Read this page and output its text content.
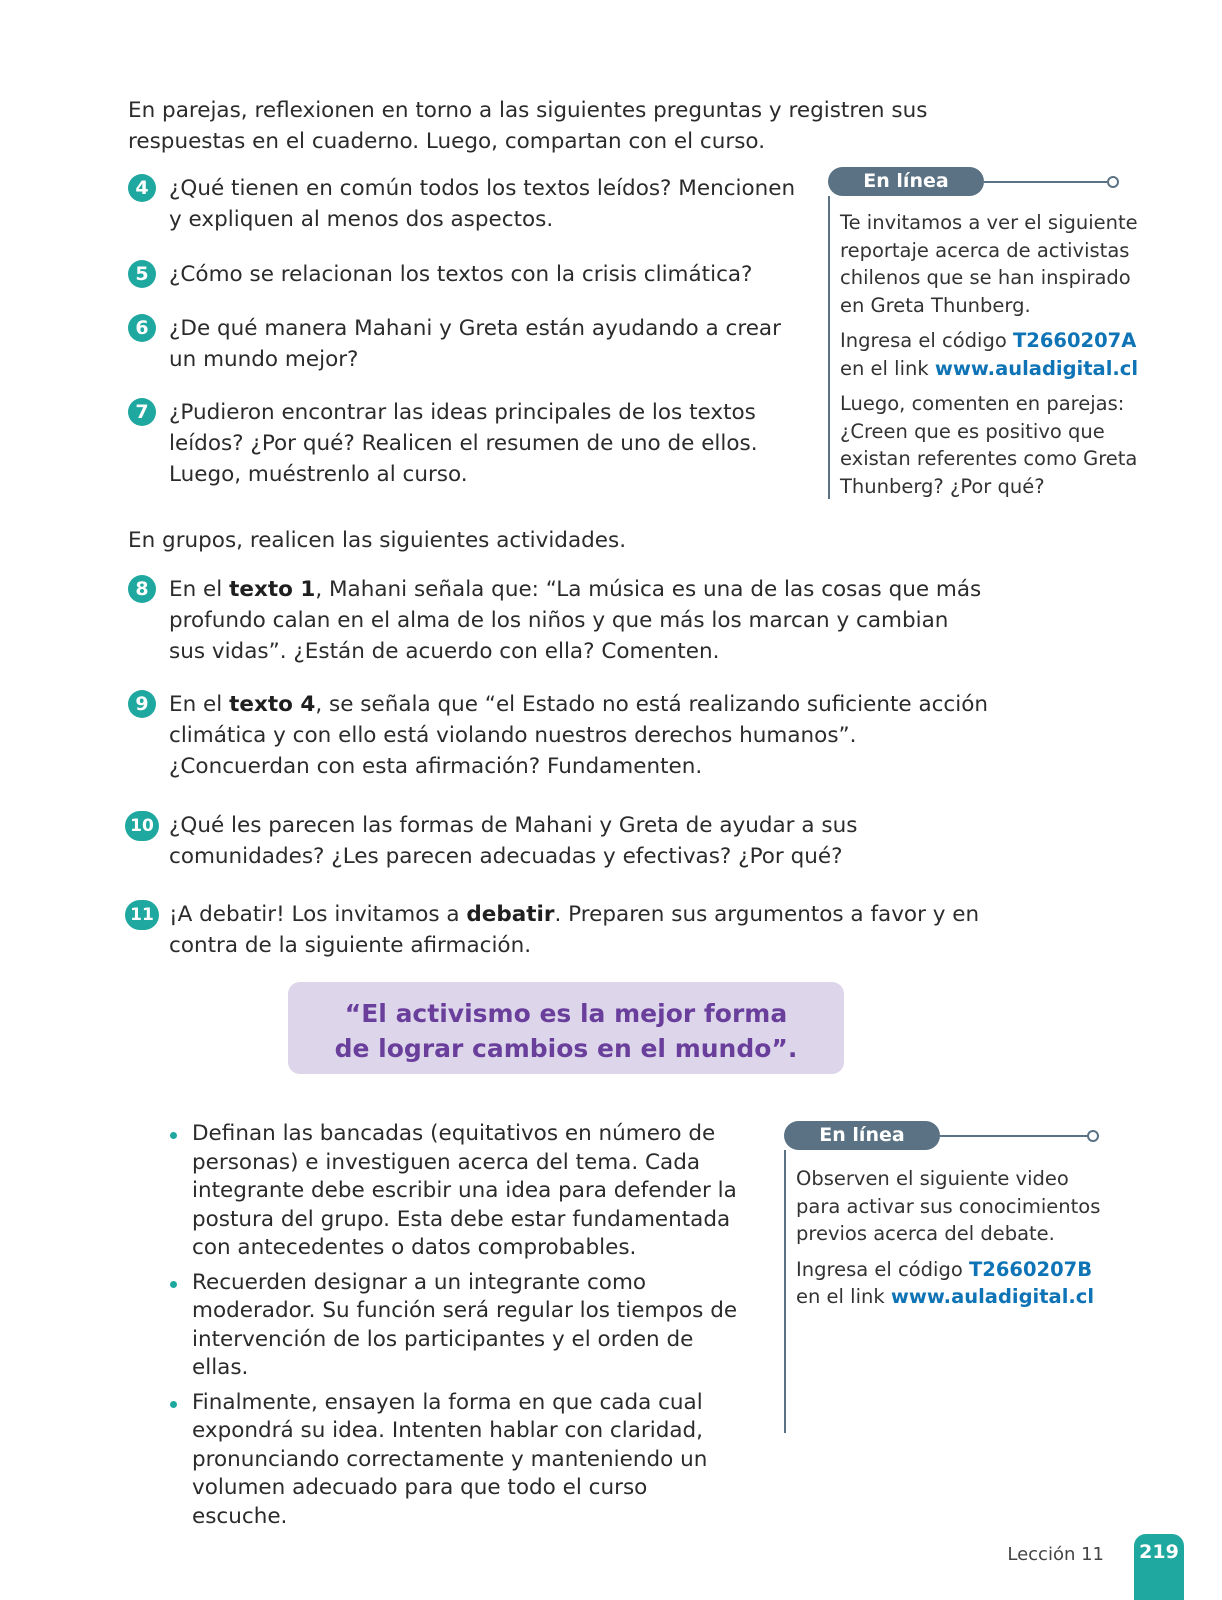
En parejas, reflexionen en torno a las siguientes preguntas y registren sus respuestas en el cuaderno. Luego, compartan con el curso.
4 ¿Qué tienen en común todos los textos leídos? Mencionen y expliquen al menos dos aspectos.
5 ¿Cómo se relacionan los textos con la crisis climática?
6 ¿De qué manera Mahani y Greta están ayudando a crear un mundo mejor?
7 ¿Pudieron encontrar las ideas principales de los textos leídos? ¿Por qué? Realicen el resumen de uno de ellos. Luego, muéstrenlo al curso.
En línea

Te invitamos a ver el siguiente reportaje acerca de activistas chilenos que se han inspirado en Greta Thunberg.

Ingresa el código T2660207A
en el link www.auladigital.cl

Luego, comenten en parejas: ¿Creen que es positivo que existan referentes como Greta Thunberg? ¿Por qué?

En grupos, realicen las siguientes actividades.
8 En el texto 1, Mahani señala que: “La música es una de las cosas que más profundo calan en el alma de los niños y que más los marcan y cambian sus vidas”. ¿Están de acuerdo con ella? Comenten.
9 En el texto 4, se señala que “el Estado no está realizando suficiente acción climática y con ello está violando nuestros derechos humanos”. ¿Concuerdan con esta afirmación? Fundamenten.
10 ¿Qué les parecen las formas de Mahani y Greta de ayudar a sus comunidades? ¿Les parecen adecuadas y efectivas? ¿Por qué?
11 ¡A debatir! Los invitamos a debatir. Preparen sus argumentos a favor y en contra de la siguiente afirmación.
“El activismo es la mejor forma
de lograr cambios en el mundo”.
Definan las bancadas (equitativos en número de personas) e investiguen acerca del tema. Cada integrante debe escribir una idea para defender la postura del grupo. Esta debe estar fundamentada con antecedentes o datos comprobables.
Recuerden designar a un integrante como moderador. Su función será regular los tiempos de intervención de los participantes y el orden de ellas.
Finalmente, ensayen la forma en que cada cual expondrá su idea. Intenten hablar con claridad, pronunciando correctamente y manteniendo un volumen adecuado para que todo el curso escuche.
En línea

Observen el siguiente video para activar sus conocimientos previos acerca del debate.

Ingresa el código T2660207B en el link www.auladigital.cl

Lección 11 219
